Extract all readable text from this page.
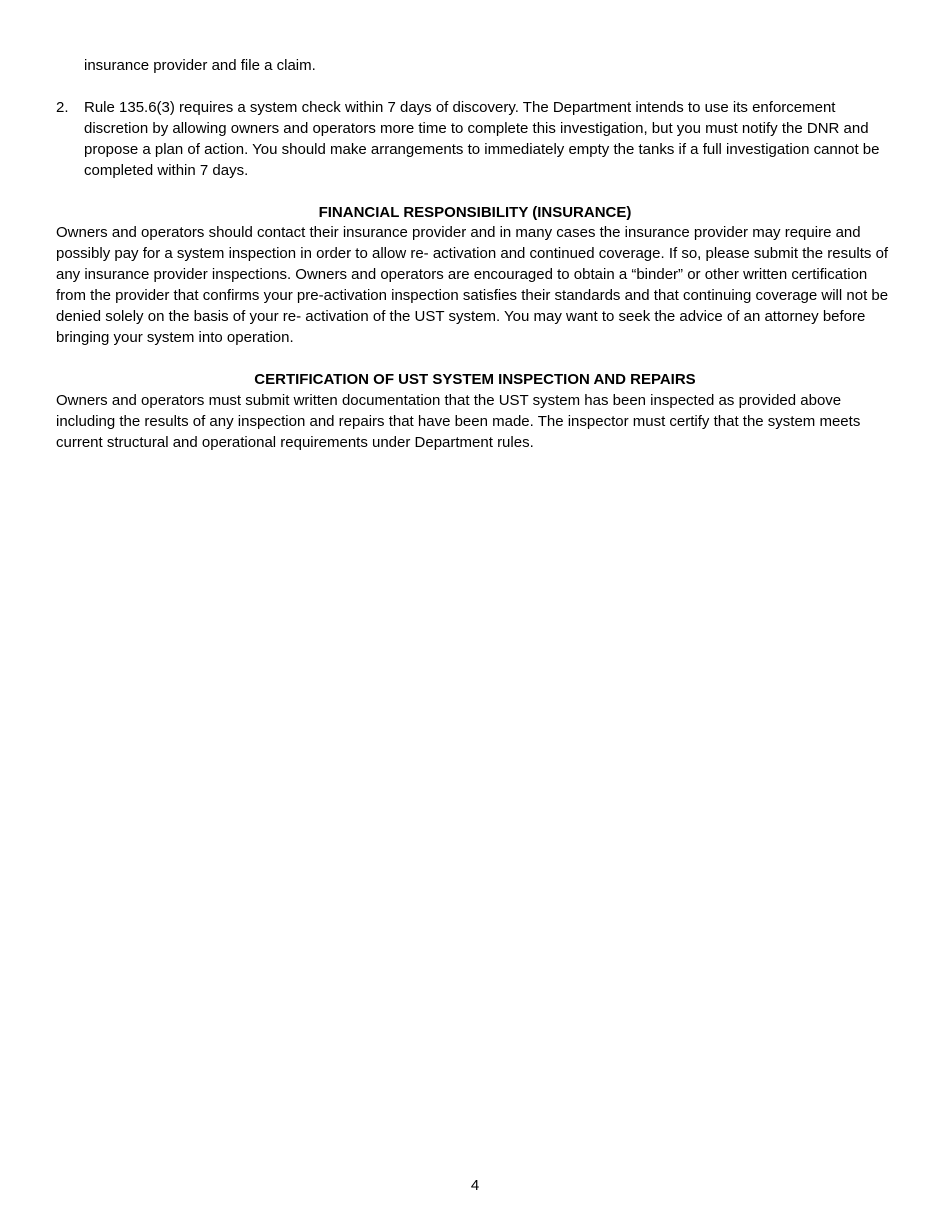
insurance provider and file a claim.

2. Rule 135.6(3) requires a system check within 7 days of discovery. The Department intends to use its enforcement discretion by allowing owners and operators more time to complete this investigation, but you must notify the DNR and propose a plan of action. You should make arrangements to immediately empty the tanks if a full investigation cannot be completed within 7 days.

FINANCIAL RESPONSIBILITY (INSURANCE)

Owners and operators should contact their insurance provider and in many cases the insurance provider may require and possibly pay for a system inspection in order to allow re- activation and continued coverage. If so, please submit the results of any insurance provider inspections. Owners and operators are encouraged to obtain a “binder” or other written certification from the provider that confirms your pre-activation inspection satisfies their standards and that continuing coverage will not be denied solely on the basis of your re- activation of the UST system. You may want to seek the advice of an attorney before bringing your system into operation.

CERTIFICATION OF UST SYSTEM INSPECTION AND REPAIRS

Owners and operators must submit written documentation that the UST system has been inspected as provided above including the results of any inspection and repairs that have been made. The inspector must certify that the system meets current structural and operational requirements under Department rules.

4
